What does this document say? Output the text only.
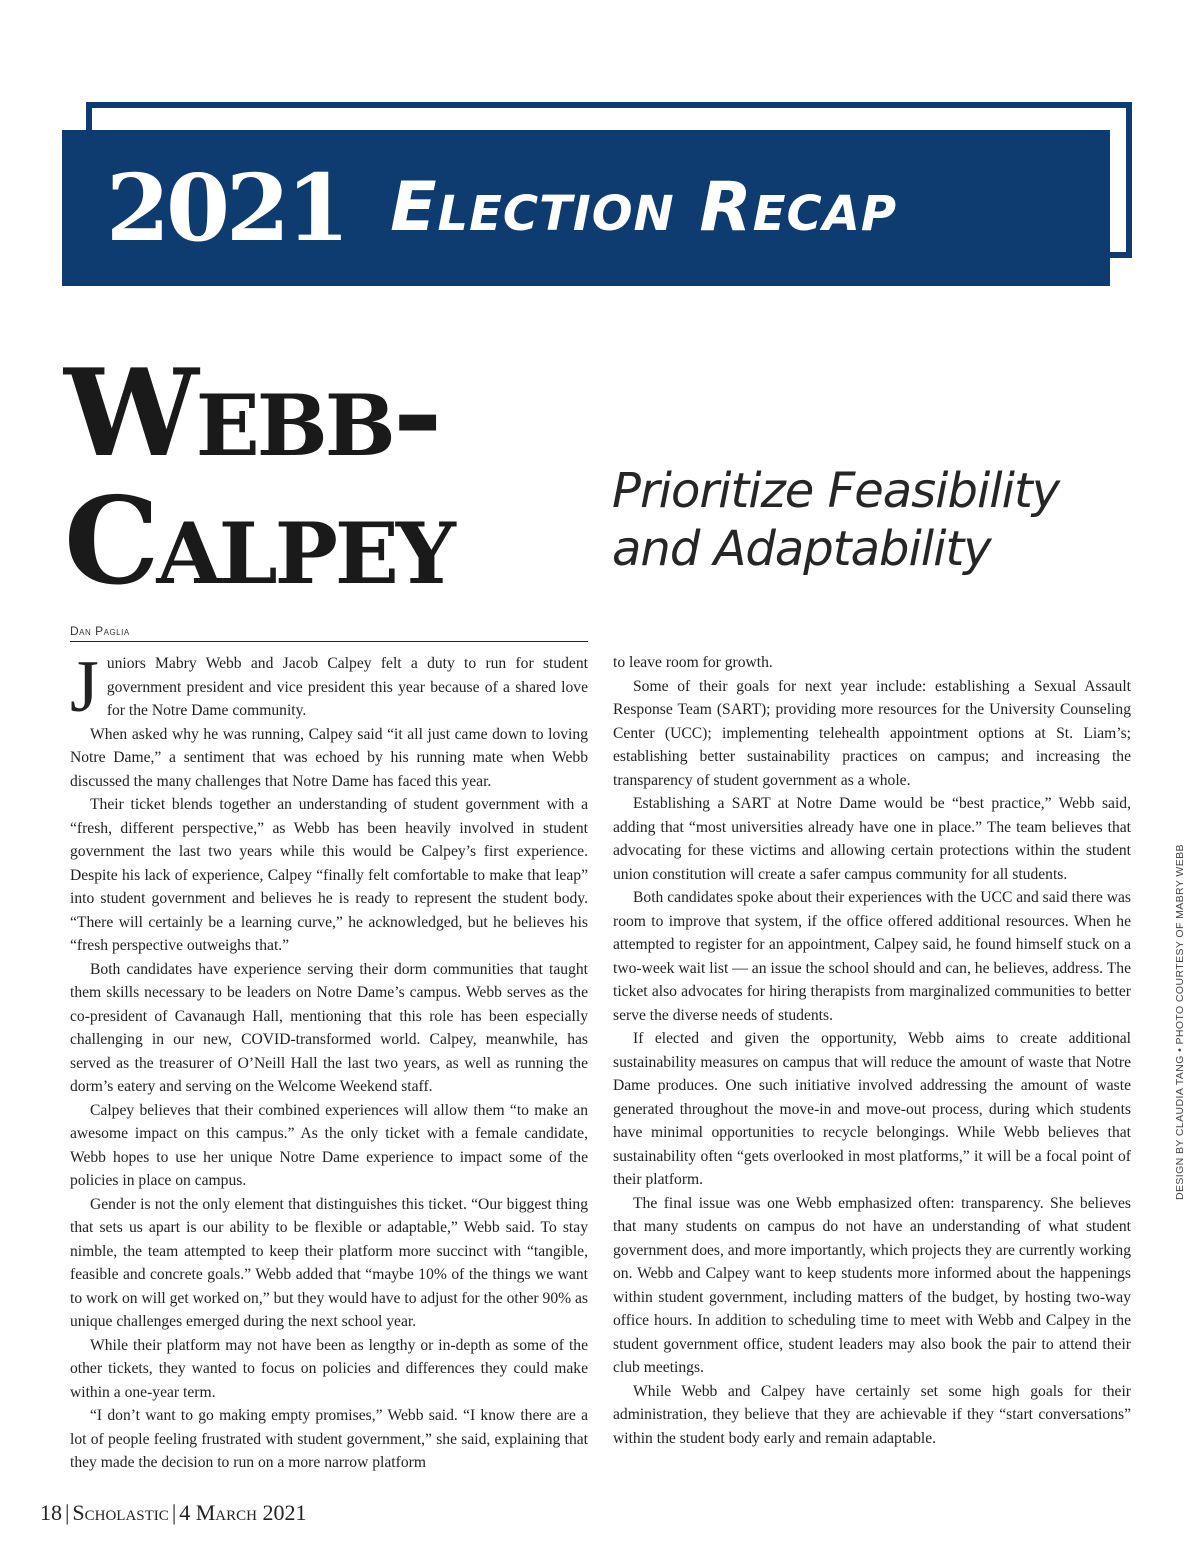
2021 Election Recap
Webb-
Calpey	Prioritize Feasibility
and Adaptability
Dan Paglia

Juniors Mabry Webb and Jacob Calpey felt a duty to run for student government president and vice president this year because of a shared love for the Notre Dame community.

When asked why he was running, Calpey said “it all just came down to loving Notre Dame,” a sentiment that was echoed by his running mate when Webb discussed the many challenges that Notre Dame has faced this year.

Their ticket blends together an understanding of student government with a “fresh, different perspective,” as Webb has been heavily involved in student government the last two years while this would be Calpey’s first experience. Despite his lack of experience, Calpey “finally felt comfortable to make that leap” into student government and believes he is ready to represent the student body. “There will certainly be a learning curve,” he acknowledged, but he believes his “fresh perspective outweighs that.”

Both candidates have experience serving their dorm communities that taught them skills necessary to be leaders on Notre Dame’s campus. Webb serves as the co-president of Cavanaugh Hall, mentioning that this role has been especially challenging in our new, COVID-transformed world. Calpey, meanwhile, has served as the treasurer of O’Neill Hall the last two years, as well as running the dorm’s eatery and serving on the Welcome Weekend staff.

Calpey believes that their combined experiences will allow them “to make an awesome impact on this campus.” As the only ticket with a female candidate, Webb hopes to use her unique Notre Dame experience to impact some of the policies in place on campus.

Gender is not the only element that distinguishes this ticket. “Our biggest thing that sets us apart is our ability to be flexible or adaptable,” Webb said. To stay nimble, the team attempted to keep their platform more succinct with “tangible, feasible and concrete goals.” Webb added that “maybe 10% of the things we want to work on will get worked on,” but they would have to adjust for the other 90% as unique challenges emerged during the next school year.

While their platform may not have been as lengthy or in-depth as some of the other tickets, they wanted to focus on policies and differences they could make within a one-year term.

“I don’t want to go making empty promises,” Webb said. “I know there are a lot of people feeling frustrated with student government,” she said, explaining that they made the decision to run on a more narrow platform

to leave room for growth.

Some of their goals for next year include: establishing a Sexual Assault Response Team (SART); providing more resources for the University Counseling Center (UCC); implementing telehealth appointment options at St. Liam’s; establishing better sustainability practices on campus; and increasing the transparency of student government as a whole.

Establishing a SART at Notre Dame would be “best practice,” Webb said, adding that “most universities already have one in place.” The team believes that advocating for these victims and allowing certain protections within the student union constitution will create a safer campus community for all students.

Both candidates spoke about their experiences with the UCC and said there was room to improve that system, if the office offered additional resources. When he attempted to register for an appointment, Calpey said, he found himself stuck on a two-week wait list — an issue the school should and can, he believes, address. The ticket also advocates for hiring therapists from marginalized communities to better serve the diverse needs of students.

If elected and given the opportunity, Webb aims to create additional sustainability measures on campus that will reduce the amount of waste that Notre Dame produces. One such initiative involved addressing the amount of waste generated throughout the move-in and move-out process, during which students have minimal opportunities to recycle belongings. While Webb believes that sustainability often “gets overlooked in most platforms,” it will be a focal point of their platform.

The final issue was one Webb emphasized often: transparency. She believes that many students on campus do not have an understanding of what student government does, and more importantly, which projects they are currently working on. Webb and Calpey want to keep students more informed about the happenings within student government, including matters of the budget, by hosting two-way office hours. In addition to scheduling time to meet with Webb and Calpey in the student government office, student leaders may also book the pair to attend their club meetings.

While Webb and Calpey have certainly set some high goals for their administration, they believe that they are achievable if they “start conversations” within the student body early and remain adaptable.

DESIGN BY CLAUDIA TANG • PHOTO COURTESY OF MABRY WEBB
18 | Scholastic | 4 March 2021
